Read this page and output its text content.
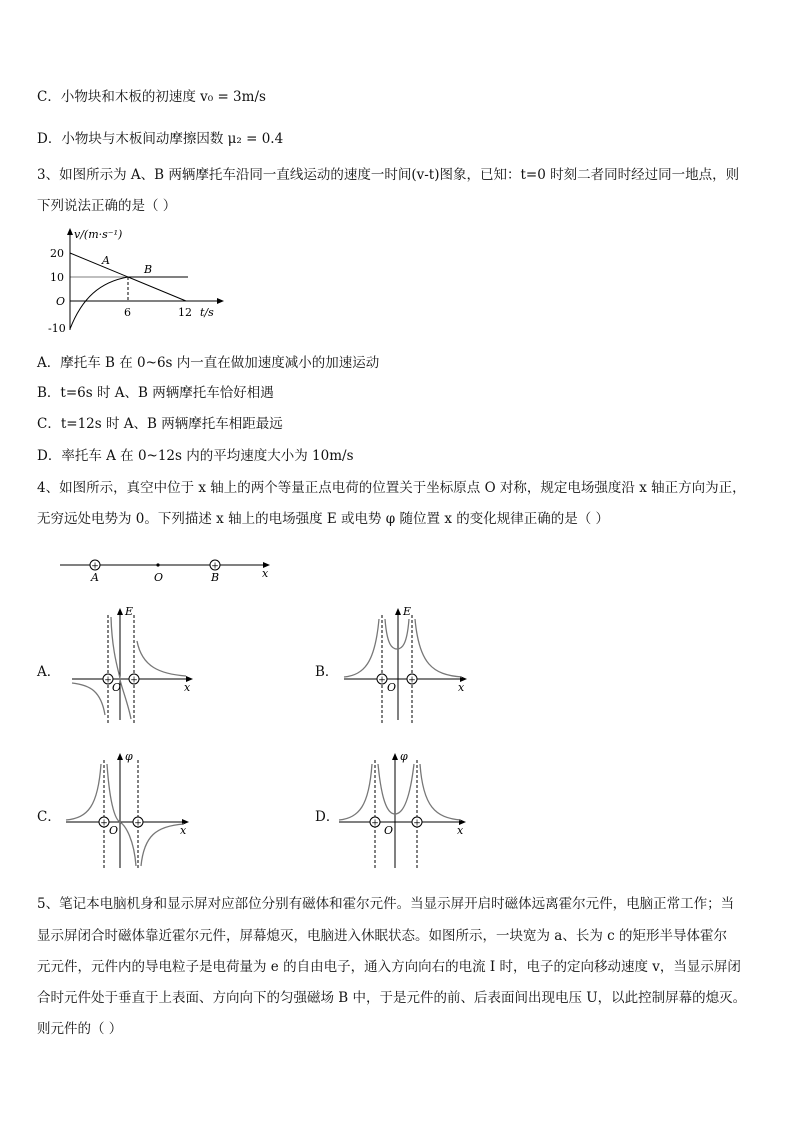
C．小物块和木板的初速度 v₀ = 3m/s
D．小物块与木板间动摩擦因数 μ₂ = 0.4
3、如图所示为 A、B 两辆摩托车沿同一直线运动的速度一时间(v-t)图象，已知：t=0 时刻二者同时经过同一地点，则
下列说法正确的是（ ）
20
10
O
-10
6	12 t/s
v/(m·s⁻¹)
A
B
A．摩托车 B 在 0~6s 内一直在做加速度减小的加速运动
B．t=6s 时 A、B 两辆摩托车恰好相遇
C．t=12s 时 A、B 两辆摩托车相距最远
D．率托车 A 在 0~12s 内的平均速度大小为 10m/s
4、如图所示，真空中位于 x 轴上的两个等量正点电荷的位置关于坐标原点 O 对称，规定电场强度沿 x 轴正方向为正，
无穷远处电势为 0。下列描述 x 轴上的电场强度 E 或电势 φ 随位置 x 的变化规律正确的是（ ）
+	+
A	O	B	x
A．
+ +
E
O	x
B．
+ +
E
O	x
C．	+	+
φ
O	x
D．	+	+
φ
O	x
5、笔记本电脑机身和显示屏对应部位分别有磁体和霍尔元件。当显示屏开启时磁体远离霍尔元件，电脑正常工作；当
显示屏闭合时磁体靠近霍尔元件，屏幕熄灭，电脑进入休眠状态。如图所示，一块宽为 a、长为 c 的矩形半导体霍尔
元元件，元件内的导电粒子是电荷量为 e 的自由电子，通入方向向右的电流 I 时，电子的定向移动速度 v，当显示屏闭
合时元件处于垂直于上表面、方向向下的匀强磁场 B 中，于是元件的前、后表面间出现电压 U，以此控制屏幕的熄灭。
则元件的（ ）
